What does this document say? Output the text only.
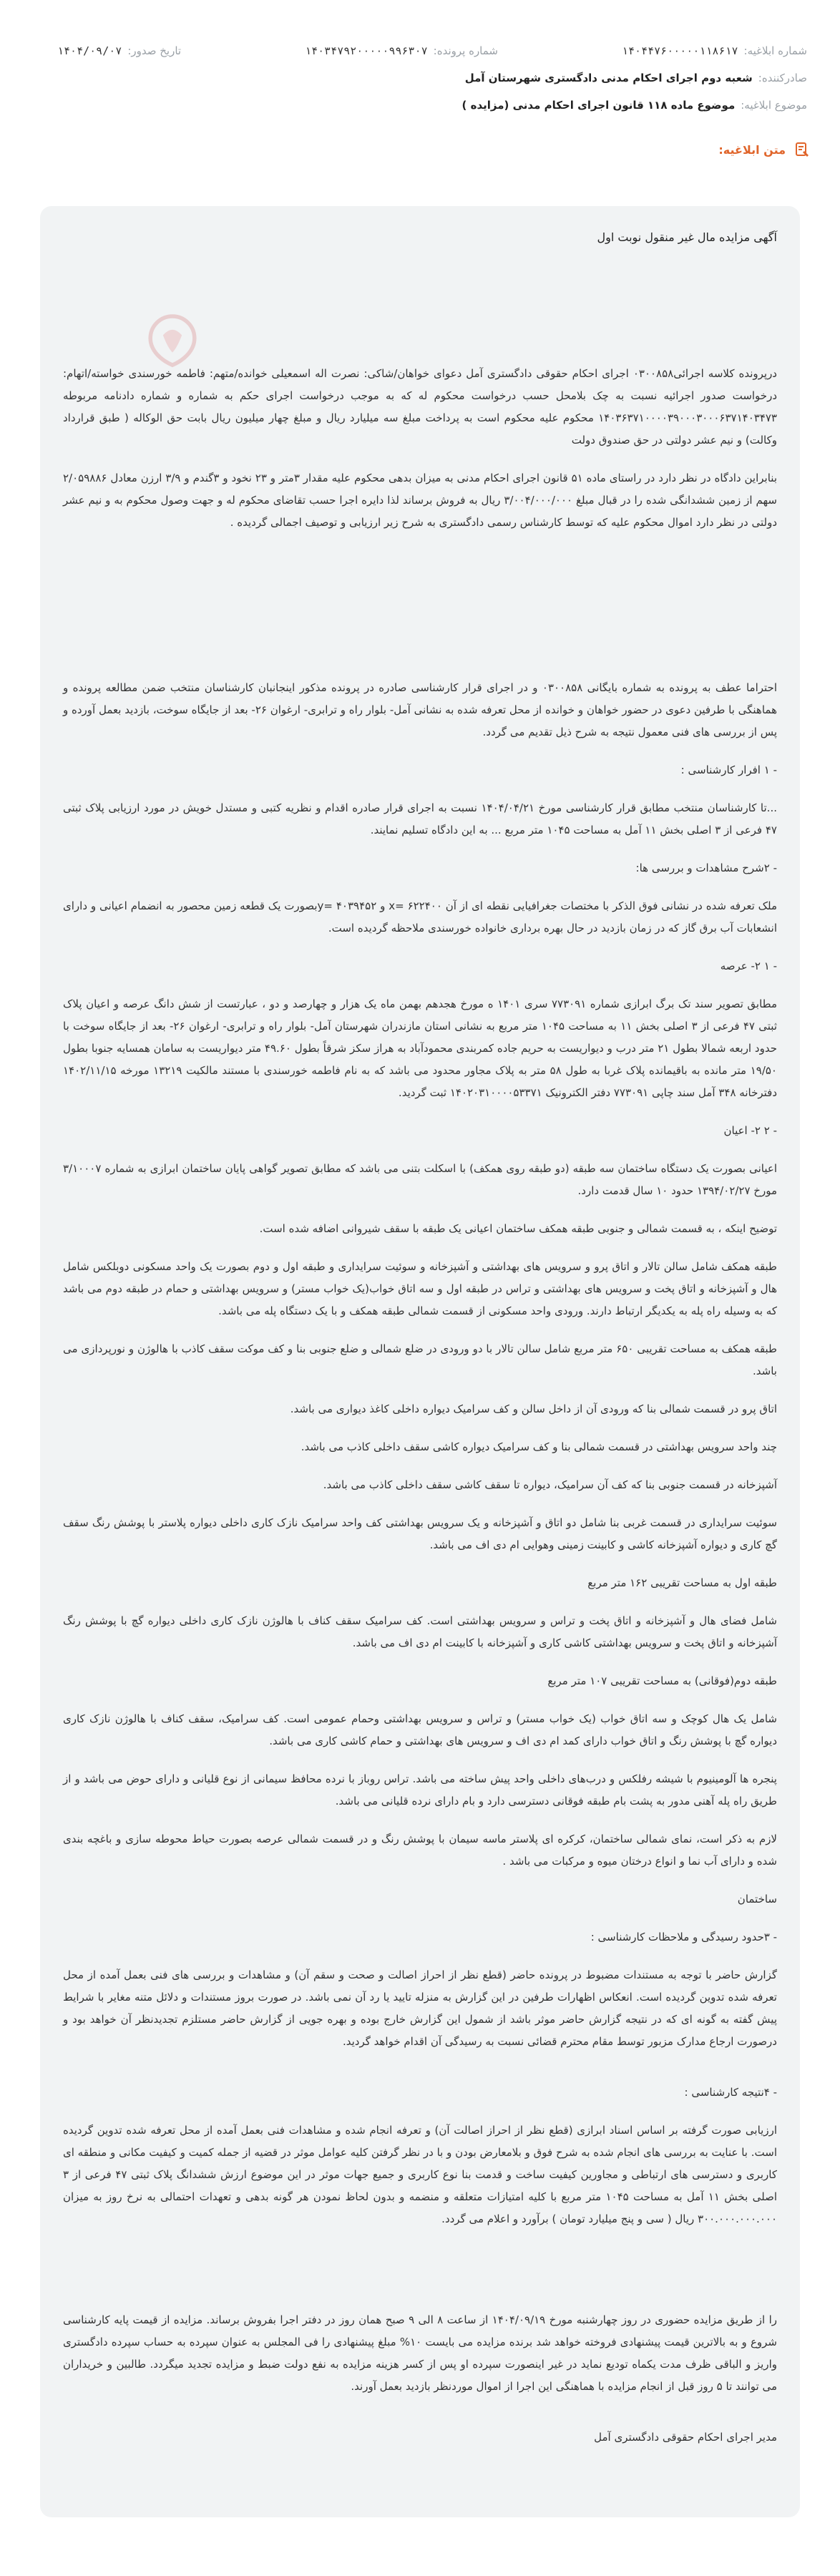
شماره ابلاغیه:
۱۴۰۴۴۷۶۰۰۰۰۰۱۱۸۶۱۷
شماره پرونده:
۱۴۰۳۴۷۹۲۰۰۰۰۰۹۹۶۳۰۷
تاریخ صدور:
۱۴۰۴/۰۹/۰۷
صادرکننده:
شعبه دوم اجرای احکام مدنی دادگستری شهرستان آمل
موضوع ابلاغیه:
موضوع ماده ۱۱۸ قانون اجرای احکام مدنی (مزایده )
متن ابلاغیه:

آگهی مزایده مال غیر منقول نوبت اول

درپرونده کلاسه اجرائی۰۳۰۰۸۵۸ اجرای احکام حقوقی دادگستری آمل دعوای خواهان/شاکی: نصرت اله اسمعیلی خوانده/متهم: فاطمه خورسندی خواسته/اتهام: درخواست صدور اجرائیه نسبت به چک بلامحل حسب درخواست محکوم له که به موجب درخواست اجرای حکم به شماره و شماره دادنامه مربوطه ۱۴۰۳۶۳۷۱۰۰۰۰۳۹۰۰۰۳۰۰۰۶۳۷۱۴۰۳۴۷۳ محکوم علیه محکوم است به پرداخت مبلغ سه میلیارد ریال و مبلغ چهار میلیون ریال بابت حق الوکاله ( طبق قرارداد وکالت) و نیم عشر دولتی در حق صندوق دولت

بنابراین دادگاه در نظر دارد در راستای ماده ۵۱ قانون اجرای احکام مدنی به میزان بدهی محکوم علیه مقدار ۳متر و ۲۳ نخود و ۳گندم و ۳/۹ ارزن معادل ۲/۰۵۹۸۸۶ سهم از زمین ششدانگی شده را در قبال مبلغ ۳/۰۰۴/۰۰۰/۰۰۰ ریال به فروش برساند لذا دایره اجرا حسب تقاضای محکوم له و جهت وصول محکوم به و نیم عشر دولتی در نظر دارد اموال محکوم علیه که توسط کارشناس رسمی دادگستری به شرح زیر ارزیابی و توصیف اجمالی گردیده .

احتراما عطف به پرونده به شماره بایگانی ۰۳۰۰۸۵۸ و در اجرای قرار کارشناسی صادره در پرونده مذکور اینجانبان کارشناسان منتخب ضمن مطالعه پرونده و هماهنگی با طرفین دعوی در حضور خواهان و خوانده از محل تعرفه شده به نشانی آمل- بلوار راه و ترابری- ارغوان ۲۶- بعد از جایگاه سوخت، بازدید بعمل آورده و پس از بررسی های فنی معمول نتیجه به شرح ذیل تقدیم می گردد.

- ۱ افرار کارشناسی :

...تا کارشناسان منتخب مطابق قرار کارشناسی مورخ ۱۴۰۴/۰۴/۲۱ نسبت به اجرای قرار صادره اقدام و نظریه کتبی و مستدل خویش در مورد ارزیابی پلاک ثبتی ۴۷ فرعی از ۳ اصلی بخش ۱۱ آمل به مساحت ۱۰۴۵ متر مربع ... به این دادگاه تسلیم نمایند.

- ۲شرح مشاهدات و بررسی ها:

ملک تعرفه شده در نشانی فوق الذکر با مختصات جغرافیایی نقطه ای از آن ۶۲۲۴۰۰ =x و ۴۰۳۹۴۵۲ =yبصورت یک قطعه زمین محصور به انضمام اعیانی و دارای انشعابات آب برق گاز که در زمان بازدید در حال بهره برداری خانواده خورسندی ملاحظه گردیده است.

- ۱ ۲- عرصه

مطابق تصویر سند تک برگ ابرازی شماره ۷۷۳۰۹۱ سری ۱۴۰۱ ه مورخ هجدهم بهمن ماه یک هزار و چهارصد و دو ، عبارتست از شش دانگ عرصه و اعیان پلاک ثبتی ۴۷ فرعی از ۳ اصلی بخش ۱۱ به مساحت ۱۰۴۵ متر مربع به نشانی استان مازندران شهرستان آمل- بلوار راه و ترابری- ارغوان ۲۶- بعد از جایگاه سوخت با حدود اربعه شمالا بطول ۲۱ متر درب و دیواریست به حریم جاده کمربندی محمودآباد به هراز سکز شرقاً بطول ۴۹.۶۰ متر دیواریست به سامان همسایه جنوبا بطول ۱۹/۵۰ متر مانده به باقیمانده پلاک غربا به طول ۵۸ متر به پلاک مجاور محدود می باشد که به نام فاطمه خورسندی با مستند مالکیت ۱۳۲۱۹ مورخه ۱۴۰۲/۱۱/۱۵ دفترخانه ۳۴۸ آمل سند چاپی ۷۷۳۰۹۱ دفتر الکترونیک ۱۴۰۲۰۳۱۰۰۰۰۵۳۳۷۱ ثبت گردید.

- ۲ ۲- اعیان

اعیانی بصورت یک دستگاه ساختمان سه طبقه (دو طبقه روی همکف) با اسکلت بتنی می باشد که مطابق تصویر گواهی پایان ساختمان ابرازی به شماره ۳/۱۰۰۰۷ مورخ ۱۳۹۴/۰۲/۲۷ حدود ۱۰ سال قدمت دارد.

توضیح اینکه ، به قسمت شمالی و جنوبی طبقه همکف ساختمان اعیانی یک طبقه با سقف شیروانی اضافه شده است.

طبقه همکف شامل سالن تالار و اتاق پرو و سرویس های بهداشتی و آشپزخانه و سوئیت سرایداری و طبقه اول و دوم بصورت یک واحد مسکونی دوبلکس شامل هال و آشپزخانه و اتاق پخت و سرویس های بهداشتی و تراس در طبقه اول و سه اتاق خواب(یک خواب مستر) و سرویس بهداشتی و حمام در طبقه دوم می باشد که به وسیله راه پله به یکدیگر ارتباط دارند. ورودی واحد مسکونی از قسمت شمالی طبقه همکف و با یک دستگاه پله می باشد.

طبقه همکف به مساحت تقریبی ۶۵۰ متر مربع شامل سالن تالار با دو ورودی در ضلع شمالی و ضلع جنوبی بنا و کف موکت سقف کاذب با هالوژن و نورپردازی می باشد.

اتاق پرو در قسمت شمالی بنا که ورودی آن از داخل سالن و کف سرامیک دیواره داخلی کاغذ دیواری می باشد.

چند واحد سرویس بهداشتی در قسمت شمالی بنا و کف سرامیک دیواره کاشی سقف داخلی کاذب می باشد.

آشپزخانه در قسمت جنوبی بنا که کف آن سرامیک، دیواره تا سقف کاشی سقف داخلی کاذب می باشد.

سوئیت سرایداری در قسمت غربی بنا شامل دو اتاق و آشپزخانه و یک سرویس بهداشتی کف واحد سرامیک نازک کاری داخلی دیواره پلاستر با پوشش رنگ سقف گچ کاری و دیواره آشپزخانه کاشی و کابینت زمینی وهوایی ام دی اف می باشد.

طبقه اول به مساحت تقریبی ۱۶۲ متر مربع

شامل فضای هال و آشپزخانه و اتاق پخت و تراس و سرویس بهداشتی است. کف سرامیک سقف کناف با هالوژن نازک کاری داخلی دیواره گچ با پوشش رنگ آشپزخانه و اتاق پخت و سرویس بهداشتی کاشی کاری و آشپزخانه با کابینت ام دی اف می باشد.

طبقه دوم(فوقانی) به مساحت تقریبی ۱۰۷ متر مربع

شامل یک هال کوچک و سه اتاق خواب (یک خواب مستر) و تراس و سرویس بهداشتی وحمام عمومی است. کف سرامیک، سقف کناف با هالوژن نازک کاری دیواره گچ با پوشش رنگ و اتاق خواب دارای کمد ام دی اف و سرویس های بهداشتی و حمام کاشی کاری می باشد.

پنجره ها آلومینیوم با شیشه رفلکس و درب‌های داخلی واحد پیش ساخته می باشد. تراس روباز با نرده محافظ سیمانی از نوع قلیانی و دارای حوض می باشد و از طریق راه پله آهنی مدور به پشت بام طبقه فوقانی دسترسی دارد و بام دارای نرده قلیانی می باشد.

لازم به ذکر است، نمای شمالی ساختمان، کرکره ای پلاستر ماسه سیمان با پوشش رنگ و در قسمت شمالی عرصه بصورت حیاط محوطه سازی و باغچه بندی شده و دارای آب نما و انواع درختان میوه و مرکبات می باشد .

ساختمان

- ۳حدود رسیدگی و ملاحظات کارشناسی :

گزارش حاضر با توجه به مستندات مضبوط در پرونده حاضر (قطع نظر از احراز اصالت و صحت و سقم آن) و مشاهدات و بررسی های فنی بعمل آمده از محل تعرفه شده تدوین گردیده است. انعکاس اظهارات طرفین در این گزارش به منزله تایید یا رد آن نمی باشد. در صورت بروز مستندات و دلائل متنه مغایر با شرایط پیش گفته به گونه ای که در نتیجه گزارش حاضر موثر باشد از شمول این گزارش خارج بوده و بهره جویی از گزارش حاضر مستلزم تجدیدنظر آن خواهد بود و درصورت ارجاع مدارک مزبور توسط مقام محترم قضائی نسبت به رسیدگی آن اقدام خواهد گردید.

- ۴نتیجه کارشناسی :

ارزیابی صورت گرفته بر اساس اسناد ابرازی (قطع نظر از احراز اصالت آن) و تعرفه انجام شده و مشاهدات فنی بعمل آمده از محل تعرفه شده تدوین گردیده است. با عنایت به بررسی های انجام شده به شرح فوق و بلامعارض بودن و با در نظر گرفتن کلیه عوامل موثر در قضیه از جمله کمیت و کیفیت مکانی و منطقه ای کاربری و دسترسی های ارتباطی و مجاورین کیفیت ساخت و قدمت بنا نوع کاربری و جمیع جهات موثر در این موضوع ارزش ششدانگ پلاک ثبتی ۴۷ فرعی از ۳ اصلی بخش ۱۱ آمل به مساحت ۱۰۴۵ متر مربع با کلیه امتیازات متعلقه و منضمه و بدون لحاظ نمودن هر گونه بدهی و تعهدات احتمالی به نرخ روز به میزان ۳۰۰.۰۰۰.۰۰۰.۰۰۰ ریال ( سی و پنج میلیارد تومان ) برآورد و اعلام می گردد.

را از طریق مزایده حضوری در روز چهارشنبه مورخ ۱۴۰۴/۰۹/۱۹ از ساعت ۸ الی ۹ صبح همان روز در دفتر اجرا بفروش برساند. مزایده از قیمت پایه کارشناسی شروع و به بالاترین قیمت پیشنهادی فروخته خواهد شد برنده مزایده می بایست ۱۰% مبلغ پیشنهادی را فی المجلس به عنوان سپرده به حساب سپرده دادگستری واریز و الباقی ظرف مدت یکماه تودیع نماید در غیر اینصورت سپرده او پس از کسر هزینه مزایده به نفع دولت ضبط و مزایده تجدید میگردد. طالبین و خریداران می توانند تا ۵ روز قبل از انجام مزایده با هماهنگی این اجرا از اموال موردنظر بازدید بعمل آورند.

مدیر اجرای احکام حقوقی دادگستری آمل
